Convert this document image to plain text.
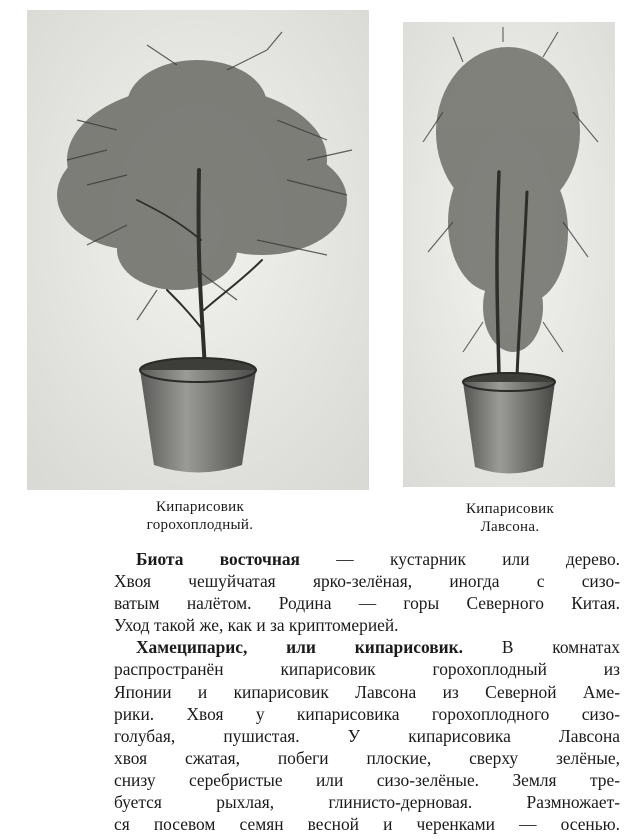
Кипарисовик
горохоплодный.
Кипарисовик
Лавсона.
Биота восточная — кустарник или дерево.
Хвоя чешуйчатая ярко-зелёная, иногда с сизо-
ватым налётом. Родина — горы Северного Китая.
Уход такой же, как и за криптомерией.
Хамеципарис, или кипарисовик. В комнатах
распространён кипарисовик горохоплодный из
Японии и кипарисовик Лавсона из Северной Аме-
рики. Хвоя у кипарисовика горохоплодного сизо-
голубая, пушистая. У кипарисовика Лавсона
хвоя сжатая, побеги плоские, сверху зелёные,
снизу серебристые или сизо-зелёные. Земля тре-
буется рыхлая, глинисто-дерновая. Размножает-
ся посевом семян весной и черенками — осенью.
